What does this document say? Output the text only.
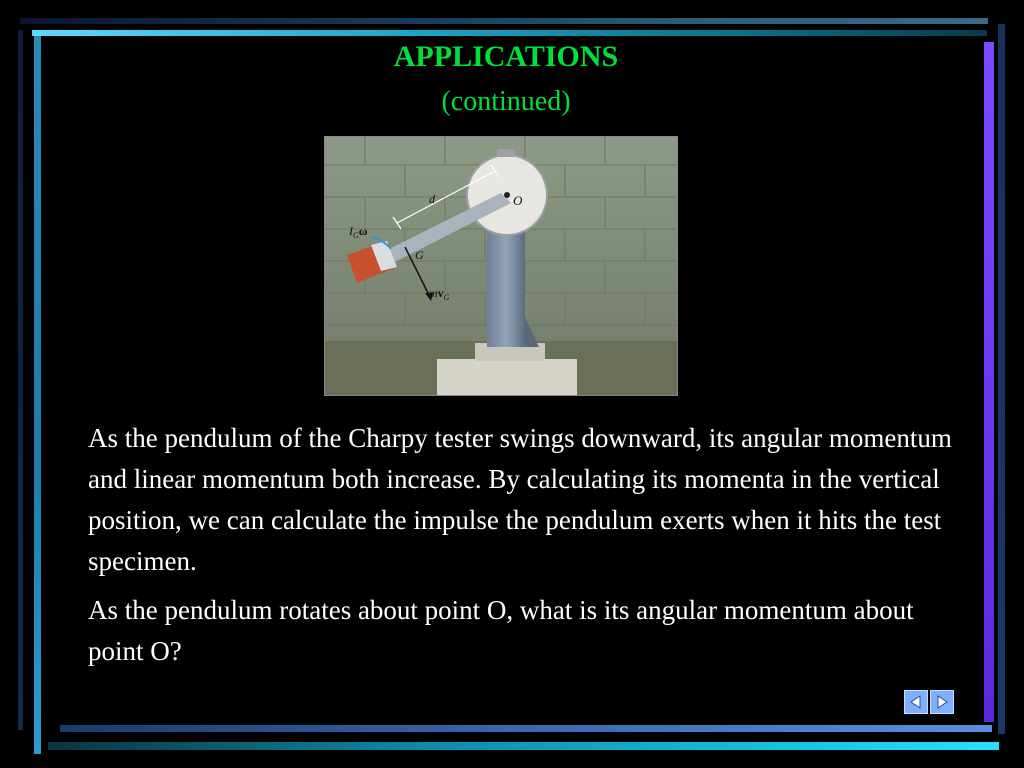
APPLICATIONS
(continued)
d	O
$I_G\omega$
G
$mv_G$

As the pendulum of the Charpy tester swings downward, its angular momentum and linear momentum both increase. By calculating its momenta in the vertical position, we can calculate the impulse the pendulum exerts when it hits the test specimen.

As the pendulum rotates about point O, what is its angular momentum about point O?
